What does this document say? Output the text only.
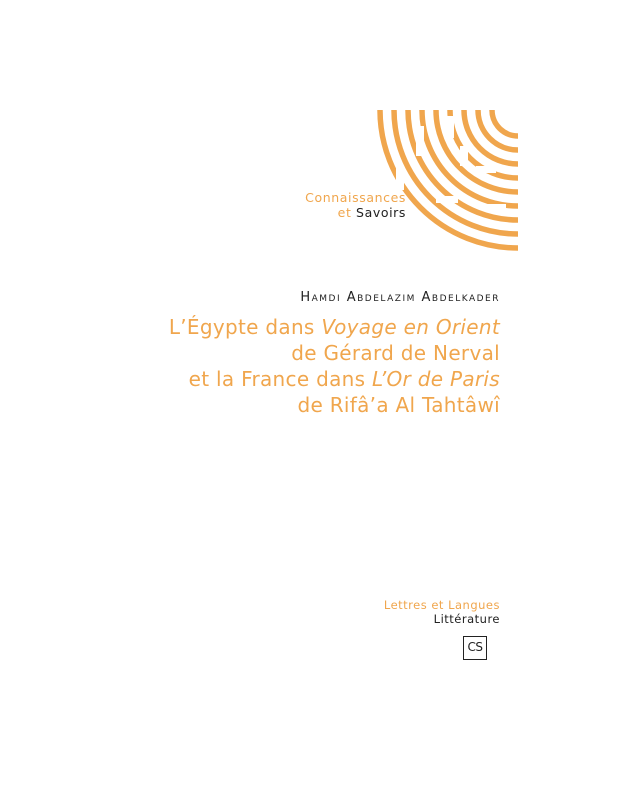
Connaissances
et Savoirs
Hamdi Abdelazim Abdelkader
L’Égypte dans Voyage en Orient
de Gérard de Nerval
et la France dans L’Or de Paris
de Rifâ’a Al Tahtâwî
Lettres et Langues
Littérature
CS
